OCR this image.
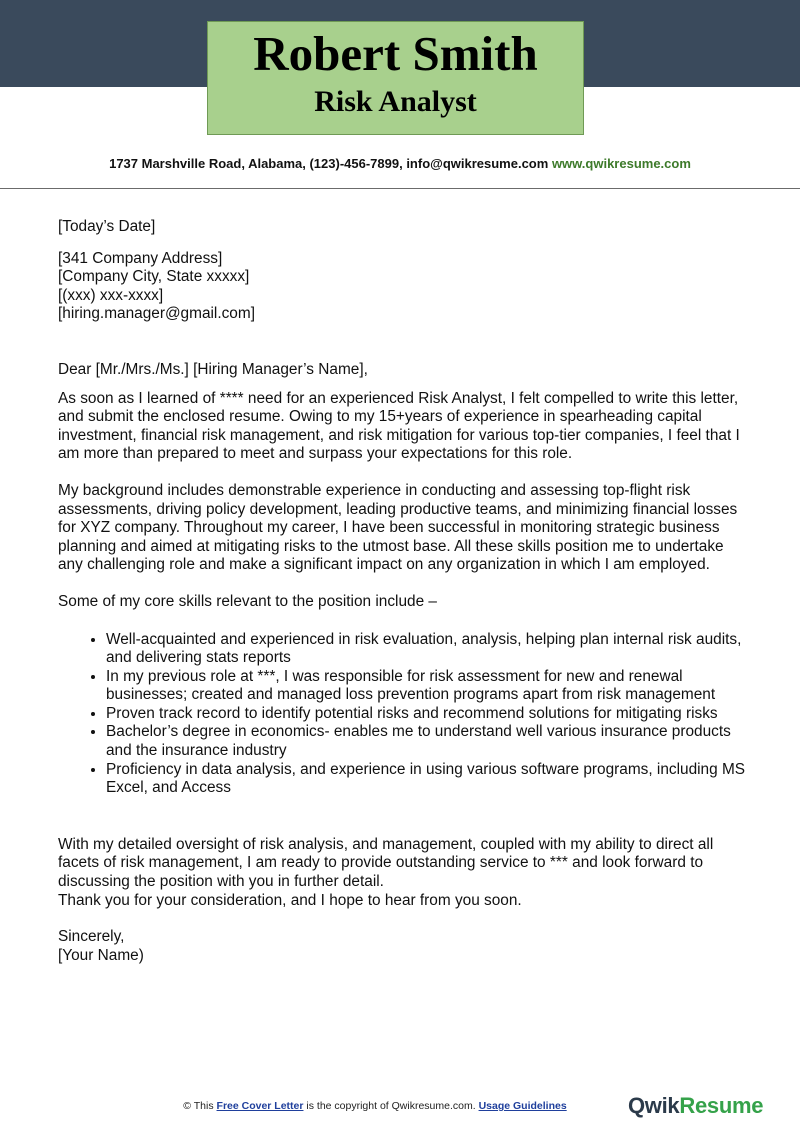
Robert Smith
Risk Analyst
1737 Marshville Road, Alabama, (123)-456-7899, info@qwikresume.com www.qwikresume.com

[Today’s Date]

[341 Company Address]

[Company City, State xxxxx]

[(xxx) xxx-xxxx]

[hiring.manager@gmail.com]

Dear [Mr./Mrs./Ms.] [Hiring Manager’s Name],

As soon as I learned of **** need for an experienced Risk Analyst, I felt compelled to write this letter, and submit the enclosed resume. Owing to my 15+years of experience in spearheading capital investment, financial risk management, and risk mitigation for various top-tier companies, I feel that I am more than prepared to meet and surpass your expectations for this role.

My background includes demonstrable experience in conducting and assessing top-flight risk assessments, driving policy development, leading productive teams, and minimizing financial losses for XYZ company. Throughout my career, I have been successful in monitoring strategic business planning and aimed at mitigating risks to the utmost base. All these skills position me to undertake any challenging role and make a significant impact on any organization in which I am employed.

Some of my core skills relevant to the position include –

• Well-acquainted and experienced in risk evaluation, analysis, helping plan internal risk audits, and delivering stats reports
• In my previous role at ***, I was responsible for risk assessment for new and renewal businesses; created and managed loss prevention programs apart from risk management
• Proven track record to identify potential risks and recommend solutions for mitigating risks
• Bachelor’s degree in economics- enables me to understand well various insurance products and the insurance industry
• Proficiency in data analysis, and experience in using various software programs, including MS Excel, and Access

With my detailed oversight of risk analysis, and management, coupled with my ability to direct all facets of risk management, I am ready to provide outstanding service to *** and look forward to discussing the position with you in further detail.

Thank you for your consideration, and I hope to hear from you soon.

Sincerely,

[Your Name)

© This Free Cover Letter is the copyright of Qwikresume.com. Usage Guidelines	QwikResume
